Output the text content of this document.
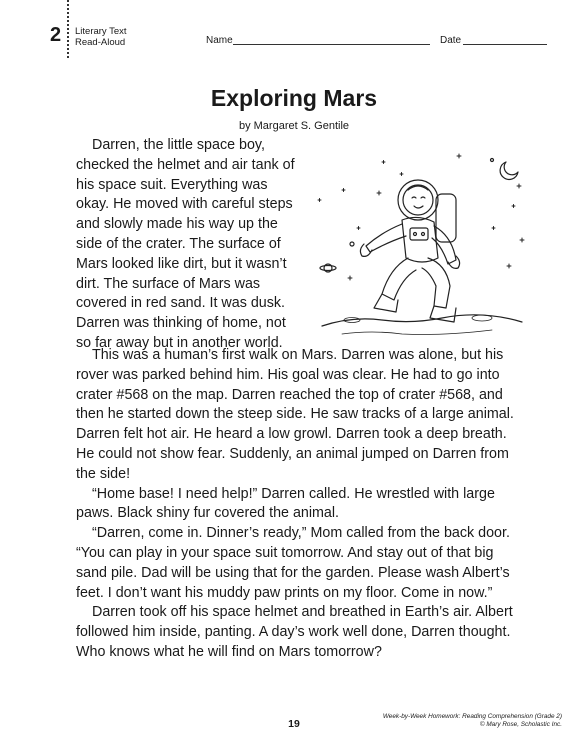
2 Literary Text
Read-Aloud	Name	Date
Exploring Mars
by Margaret S. Gentile
Darren, the little space boy,
checked the helmet and air tank of
his space suit. Everything was
okay. He moved with careful steps
and slowly made his way up the
side of the crater. The surface of
Mars looked like dirt, but it wasn’t
dirt. The surface of Mars was
covered in red sand. It was dusk.
Darren was thinking of home, not
so far away but in another world.
This was a human’s first walk on Mars. Darren was alone, but his
rover was parked behind him. His goal was clear. He had to go into
crater #568 on the map. Darren reached the top of crater #568, and
then he started down the steep side. He saw tracks of a large animal.
Darren felt hot air. He heard a low growl. Darren took a deep breath.
He could not show fear. Suddenly, an animal jumped on Darren from
the side!
“Home base! I need help!” Darren called. He wrestled with large
paws. Black shiny fur covered the animal.
“Darren, come in. Dinner’s ready,” Mom called from the back door.
“You can play in your space suit tomorrow. And stay out of that big
sand pile. Dad will be using that for the garden. Please wash Albert’s
feet. I don’t want his muddy paw prints on my floor. Come in now.”
Darren took off his space helmet and breathed in Earth’s air. Albert
followed him inside, panting. A day’s work well done, Darren thought.
Who knows what he will find on Mars tomorrow?
19
Week-by-Week Homework: Reading Comprehension (Grade 2)
© Mary Rose, Scholastic Inc.
